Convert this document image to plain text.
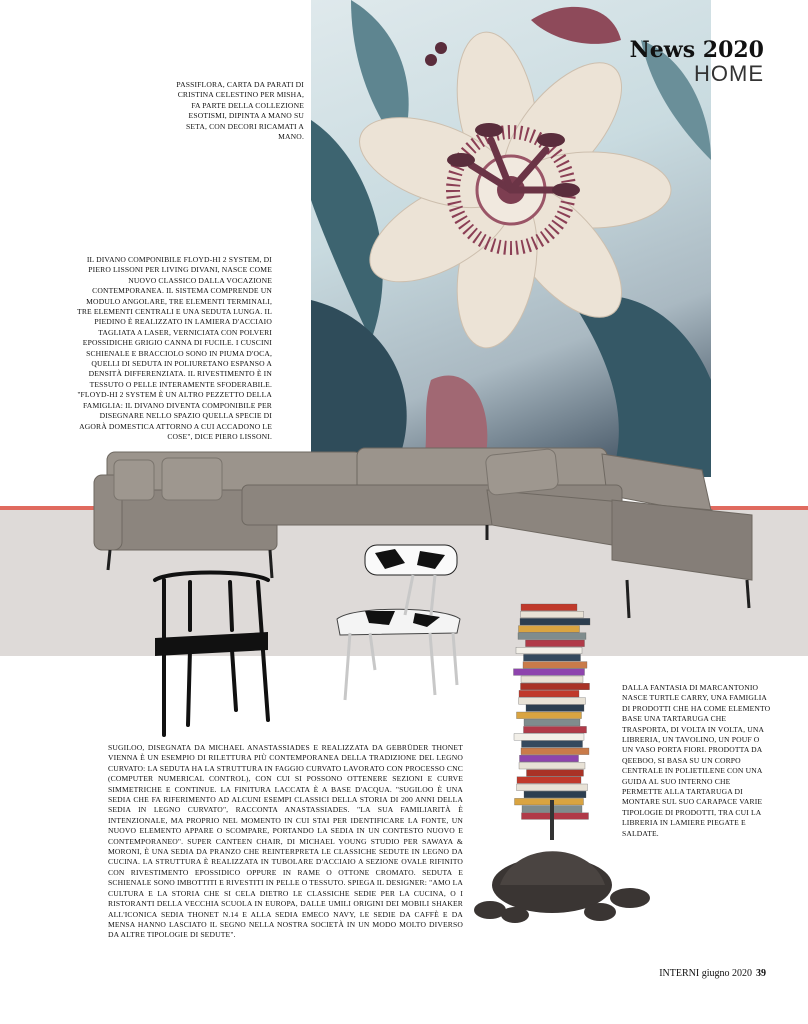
News 2020
HOME

PASSIFLORA, CARTA DA PARATI DI CRISTINA CELESTINO PER MISHA, FA PARTE DELLA COLLEZIONE ESOTISMI, DIPINTA A MANO SU SETA, CON DECORI RICAMATI A MANO.

IL DIVANO COMPONIBILE FLOYD-HI 2 SYSTEM, DI PIERO LISSONI PER LIVING DIVANI, NASCE COME NUOVO CLASSICO DALLA VOCAZIONE CONTEMPORANEA. IL SISTEMA COMPRENDE UN MODULO ANGOLARE, TRE ELEMENTI TERMINALI, TRE ELEMENTI CENTRALI E UNA SEDUTA LUNGA. IL PIEDINO È REALIZZATO IN LAMIERA D'ACCIAIO TAGLIATA A LASER, VERNICIATA CON POLVERI EPOSSIDICHE GRIGIO CANNA DI FUCILE. I CUSCINI SCHIENALE E BRACCIOLO SONO IN PIUMA D'OCA, QUELLI DI SEDUTA IN POLIURETANO ESPANSO A DENSITÀ DIFFERENZIATA. IL RIVESTIMENTO È IN TESSUTO O PELLE INTERAMENTE SFODERABILE. "FLOYD-HI 2 SYSTEM È UN ALTRO PEZZETTO DELLA FAMIGLIA: IL DIVANO DIVENTA COMPONIBILE PER DISEGNARE NELLO SPAZIO QUELLA SPECIE DI AGORÀ DOMESTICA ATTORNO A CUI ACCADONO LE COSE", DICE PIERO LISSONI.

DALLA FANTASIA DI MARCANTONIO NASCE TURTLE CARRY, UNA FAMIGLIA DI PRODOTTI CHE HA COME ELEMENTO BASE UNA TARTARUGA CHE TRASPORTA, DI VOLTA IN VOLTA, UNA LIBRERIA, UN TAVOLINO, UN POUF O UN VASO PORTA FIORI. PRODOTTA DA QEEBOO, SI BASA SU UN CORPO CENTRALE IN POLIETILENE CON UNA GUIDA AL SUO INTERNO CHE PERMETTE ALLA TARTARUGA DI MONTARE SUL SUO CARAPACE VARIE TIPOLOGIE DI PRODOTTI, TRA CUI LA LIBRERIA IN LAMIERE PIEGATE E SALDATE.

SUGILOO, DISEGNATA DA MICHAEL ANASTASSIADES E REALIZZATA DA GEBRÜDER THONET VIENNA È UN ESEMPIO DI RILETTURA PIÙ CONTEMPORANEA DELLA TRADIZIONE DEL LEGNO CURVATO: LA SEDUTA HA LA STRUTTURA IN FAGGIO CURVATO LAVORATO CON PROCESSO CNC (COMPUTER NUMERICAL CONTROL), CON CUI SI POSSONO OTTENERE SEZIONI E CURVE SIMMETRICHE E CONTINUE. LA FINITURA LACCATA È A BASE D'ACQUA. "SUGILOO È UNA SEDIA CHE FA RIFERIMENTO AD ALCUNI ESEMPI CLASSICI DELLA STORIA DI 200 ANNI DELLA SEDIA IN LEGNO CURVATO", RACCONTA ANASTASSIADES. "LA SUA FAMILIARITÀ È INTENZIONALE, MA PROPRIO NEL MOMENTO IN CUI STAI PER IDENTIFICARE LA FONTE, UN NUOVO ELEMENTO APPARE O SCOMPARE, PORTANDO LA SEDIA IN UN CONTESTO NUOVO E CONTEMPORANEO". SUPER CANTEEN CHAIR, DI MICHAEL YOUNG STUDIO PER SAWAYA & MORONI, È UNA SEDIA DA PRANZO CHE REINTERPRETA LE CLASSICHE SEDUTE IN LEGNO DA CUCINA. LA STRUTTURA È REALIZZATA IN TUBOLARE D'ACCIAIO A SEZIONE OVALE RIFINITO CON RIVESTIMENTO EPOSSIDICO OPPURE IN RAME O OTTONE CROMATO. SEDUTA E SCHIENALE SONO IMBOTTITI E RIVESTITI IN PELLE O TESSUTO. SPIEGA IL DESIGNER: "AMO LA CULTURA E LA STORIA CHE SI CELA DIETRO LE CLASSICHE SEDIE PER LA CUCINA, O I RISTORANTI DELLA VECCHIA SCUOLA IN EUROPA, DALLE UMILI ORIGINI DEI MOBILI SHAKER ALL'ICONICA SEDIA THONET N.14 E ALLA SEDIA EMECO NAVY, LE SEDIE DA CAFFÈ E DA MENSA HANNO LASCIATO IL SEGNO NELLA NOSTRA SOCIETÀ IN UN MODO MOLTO DIVERSO DA ALTRE TIPOLOGIE DI SEDUTE".

INTERNI giugno 2020 39
